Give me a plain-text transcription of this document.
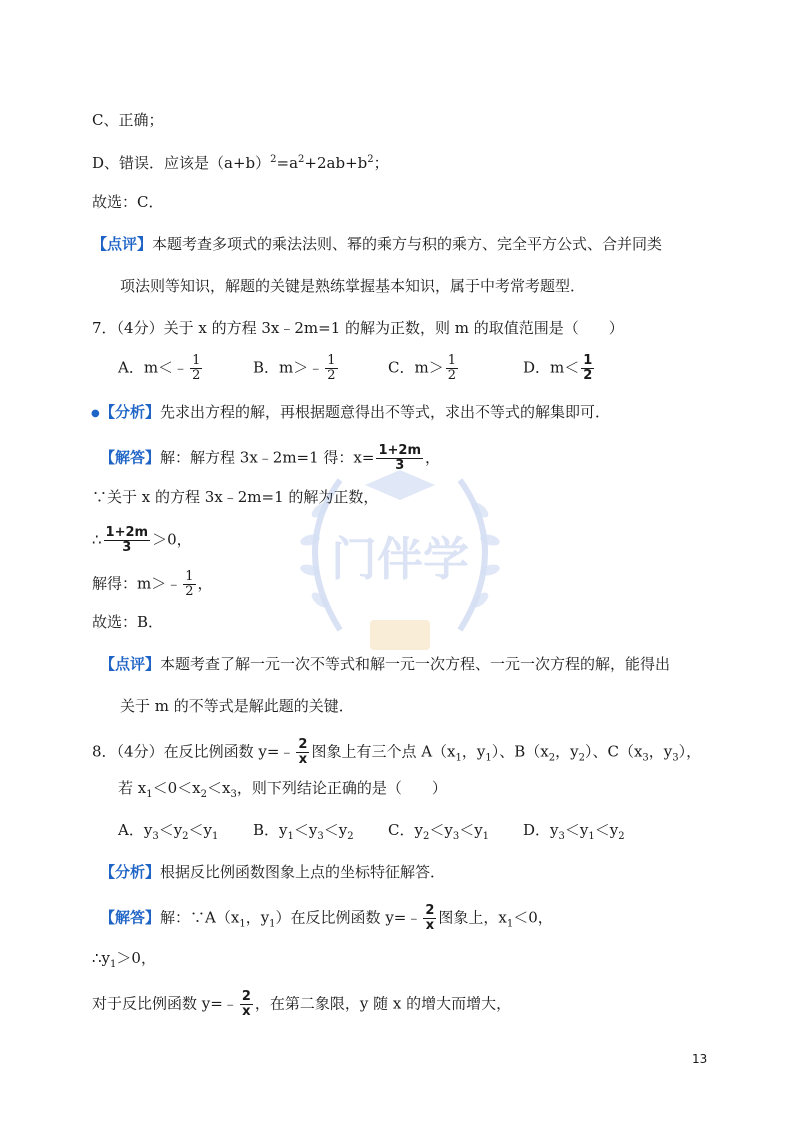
门伴学
C、正确；
D、错误．应该是$(a+b)^2=a^2+2ab+b^2$；
故选：C．
【点评】本题考查多项式的乘法法则、幂的乘方与积的乘方、完全平方公式、合并同类
项法则等知识，解题的关键是熟练掌握基本知识，属于中考常考题型．
7．（4分）关于 x 的方程 3x﹣2m=1 的解为正数，则 m 的取值范围是（　　）
A．m＜﹣ $\frac{1}{2}$	B．m＞﹣ $\frac{1}{2}$	C．$m> \frac{1}{2}$	D．$m< \frac{1}{2}$
● 【分析】先求出方程的解，再根据题意得出不等式，求出不等式的解集即可．
【解答】解：解方程 3x﹣2m=1 得：$x= \frac{1+2m}{3}$ ，
∵关于 x 的方程 3x﹣2m=1 的解为正数，
∴ $\frac{1+2m}{3} >0$，
解得：m＞﹣ $\frac{1}{2}$ ，
故选：B．
【点评】本题考查了解一元一次不等式和解一元一次方程、一元一次方程的解，能得出
关于 m 的不等式是解此题的关键．
8．（4分）在反比例函数 y=﹣ $\frac{2}{x}$ 图象上有三个点 $A(x_1$，$y_1$）、$B(x_2$，$y_2$）、$C(x_3$，$y_3$），
若 $x_1<0<x_2<x_3$，则下列结论正确的是（　　）
A．$y_3<y_2<y_1$ B．$y_1<y_3<y_2$ C．$y_2<y_3<y_1$ D．$y_3<y_1<y_2$
【分析】根据反比例函数图象上点的坐标特征解答．
【解答】解：$\because A(x_1$，$y_1$）在反比例函数 y=﹣ $\frac{2}{x}$ 图象上，$x_1<0$，
$\therefore y_1>0$，
对于反比例函数 y=﹣ $\frac{2}{x}$ ，在第二象限，y 随 x 的增大而增大，
13
